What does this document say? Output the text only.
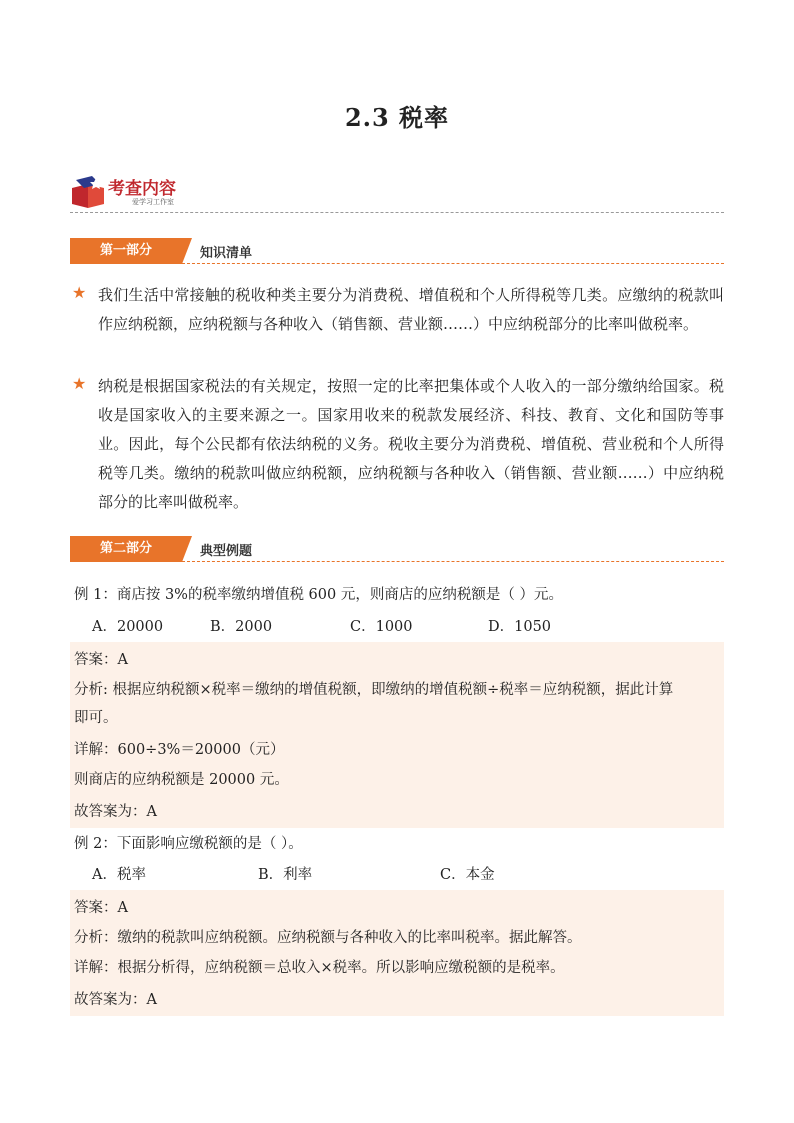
2.3 税率
考查内容
爱学习工作室
第一部分	知识清单
★ 我们生活中常接触的税收种类主要分为消费税、增值税和个人所得税等几类。应缴纳的税款叫作应纳税额，应纳税额与各种收入（销售额、营业额……）中应纳税部分的比率叫做税率。
★ 纳税是根据国家税法的有关规定，按照一定的比率把集体或个人收入的一部分缴纳给国家。税收是国家收入的主要来源之一。国家用收来的税款发展经济、科技、教育、文化和国防等事业。因此，每个公民都有依法纳税的义务。税收主要分为消费税、增值税、营业税和个人所得税等几类。缴纳的税款叫做应纳税额，应纳税额与各种收入（销售额、营业额……）中应纳税部分的比率叫做税率。
第二部分	典型例题
例 1：商店按 3%的税率缴纳增值税 600 元，则商店的应纳税额是（ ）元。
A．20000	B．2000	C．1000	D．1050
答案：A
分析: 根据应纳税额×税率＝缴纳的增值税额，即缴纳的增值税额÷税率＝应纳税额，据此计算
即可。
详解：600÷3%＝20000（元）
则商店的应纳税额是 20000 元。
故答案为：A
例 2：下面影响应缴税额的是（ ）。
A．税率	B．利率	C．本金
答案：A
分析：缴纳的税款叫应纳税额。应纳税额与各种收入的比率叫税率。据此解答。
详解：根据分析得，应纳税额＝总收入×税率。所以影响应缴税额的是税率。
故答案为：A
